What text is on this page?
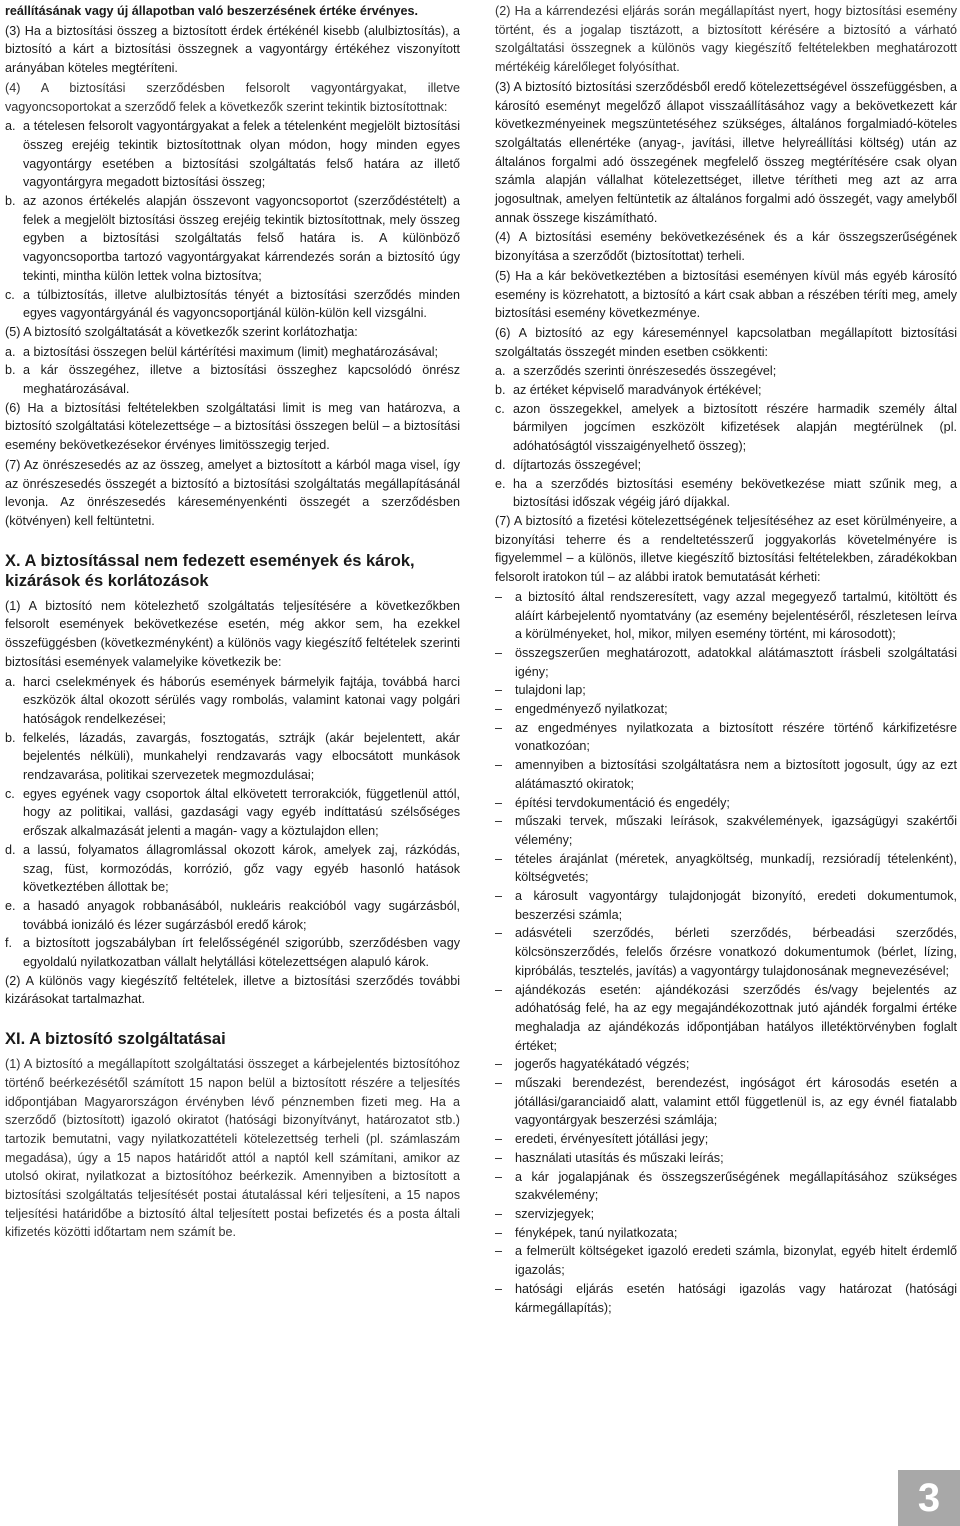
reállításának vagy új állapotban való beszerzésének értéke érvényes.

(3) Ha a biztosítási összeg a biztosított érdek értékénél kisebb (alulbiztosítás), a biztosító a kárt a biztosítási összegnek a vagyontárgy értékéhez viszonyított arányában köteles megtéríteni.

(4) A biztosítási szerződésben felsorolt vagyontárgyakat, illetve vagyoncsoportokat a szerződő felek a következők szerint tekintik biztosítottnak:

a. a tételesen felsorolt vagyontárgyakat a felek a tételenként megjelölt biztosítási összeg erejéig tekintik biztosítottnak olyan módon, hogy minden egyes vagyontárgy esetében a biztosítási szolgáltatás felső határa az illető vagyontárgyra megadott biztosítási összeg;
b. az azonos értékelés alapján összevont vagyoncsoportot (szerződéstételt) a felek a megjelölt biztosítási összeg erejéig tekintik biztosítottnak, mely összeg egyben a biztosítási szolgáltatás felső határa is. A különböző vagyoncsoportba tartozó vagyontárgyakat kárrendezés során a biztosító úgy tekinti, mintha külön lettek volna biztosítva;
c. a túlbiztosítás, illetve alulbiztosítás tényét a biztosítási szerződés minden egyes vagyontárgyánál és vagyoncsoportjánál külön-külön kell vizsgálni.

(5) A biztosító szolgáltatását a következők szerint korlátozhatja:

a. a biztosítási összegen belül kártérítési maximum (limit) meghatározásával;
b. a kár összegéhez, illetve a biztosítási összeghez kapcsolódó önrész meghatározásával.

(6) Ha a biztosítási feltételekben szolgáltatási limit is meg van határozva, a biztosító szolgáltatási kötelezettsége – a biztosítási összegen belül – a biztosítási esemény bekövetkezésekor érvényes limitösszegig terjed.

(7) Az önrészesedés az az összeg, amelyet a biztosított a kárból maga visel, így az önrészesedés összegét a biztosító a biztosítási szolgáltatás megállapításánál levonja. Az önrészesedés káreseményenkénti összegét a szerződésben (kötvényen) kell feltüntetni.

X. A biztosítással nem fedezett események és károk, kizárások és korlátozások

(1) A biztosító nem kötelezhető szolgáltatás teljesítésére a következőkben felsorolt események bekövetkezése esetén, még akkor sem, ha ezekkel összefüggésben (következményként) a különös vagy kiegészítő feltételek szerinti biztosítási események valamelyike következik be:

a. harci cselekmények és háborús események bármelyik fajtája, továbbá harci eszközök által okozott sérülés vagy rombolás, valamint katonai vagy polgári hatóságok rendelkezései;
b. felkelés, lázadás, zavargás, fosztogatás, sztrájk (akár bejelentett, akár bejelentés nélküli), munkahelyi rendzavarás vagy elbocsátott munkások rendzavarása, politikai szervezetek megmozdulásai;
c. egyes egyének vagy csoportok által elkövetett terrorakciók, függetlenül attól, hogy az politikai, vallási, gazdasági vagy egyéb indíttatású szélsőséges erőszak alkalmazását jelenti a magán- vagy a köztulajdon ellen;
d. a lassú, folyamatos állagromlással okozott károk, amelyek zaj, rázkódás, szag, füst, kormozódás, korrózió, gőz vagy egyéb hasonló hatások következtében állottak be;
e. a hasadó anyagok robbanásából, nukleáris reakcióból vagy sugárzásból, továbbá ionizáló és lézer sugárzásból eredő károk;
f. a biztosított jogszabályban írt felelősségénél szigorúbb, szerződésben vagy egyoldalú nyilatkozatban vállalt helytállási kötelezettségen alapuló károk.

(2) A különös vagy kiegészítő feltételek, illetve a biztosítási szerződés további kizárásokat tartalmazhat.

XI. A biztosító szolgáltatásai

(1) A biztosító a megállapított szolgáltatási összeget a kárbejelentés biztosítóhoz történő beérkezésétől számított 15 napon belül a biztosított részére a teljesítés időpontjában Magyarországon érvényben lévő pénznemben fizeti meg. Ha a szerződő (biztosított) igazoló okiratot (hatósági bizonyítványt, határozatot stb.) tartozik bemutatni, vagy nyilatkozattételi kötelezettség terheli (pl. számlaszám megadása), úgy a 15 napos határidőt attól a naptól kell számítani, amikor az utolsó okirat, nyilatkozat a biztosítóhoz beérkezik. Amennyiben a biztosított a biztosítási szolgáltatás teljesítését postai átutalással kéri teljesíteni, a 15 napos teljesítési határidőbe a biztosító által teljesített postai befizetés és a posta általi kifizetés közötti időtartam nem számít be.

(2) Ha a kárrendezési eljárás során megállapítást nyert, hogy biztosítási esemény történt, és a jogalap tisztázott, a biztosított kérésére a biztosító a várható szolgáltatási összegnek a különös vagy kiegészítő feltételekben meghatározott mértékéig kárelőleget folyósíthat.

(3) A biztosító biztosítási szerződésből eredő kötelezettségével összefüggésben, a károsító eseményt megelőző állapot visszaállításához vagy a bekövetkezett kár következményeinek megszüntetéséhez szükséges, általános forgalmiadó-köteles szolgáltatás ellenértéke (anyag-, javítási, illetve helyreállítási költség) után az általános forgalmi adó összegének megfelelő összeg megtérítésére csak olyan számla alapján vállalhat kötelezettséget, illetve térítheti meg azt az arra jogosultnak, amelyen feltüntetik az általános forgalmi adó összegét, vagy amelyből annak összege kiszámítható.

(4) A biztosítási esemény bekövetkezésének és a kár összegszerűségének bizonyítása a szerződőt (biztosítottat) terheli.

(5) Ha a kár bekövetkeztében a biztosítási eseményen kívül más egyéb károsító esemény is közrehatott, a biztosító a kárt csak abban a részében téríti meg, amely biztosítási esemény következménye.

(6) A biztosító az egy káreseménnyel kapcsolatban megállapított biztosítási szolgáltatás összegét minden esetben csökkenti:

a. a szerződés szerinti önrészesedés összegével;
b. az értéket képviselő maradványok értékével;
c. azon összegekkel, amelyek a biztosított részére harmadik személy által bármilyen jogcímen eszközölt kifizetések alapján megtérülnek (pl. adóhatóságtól visszaigényelhető összeg);
d. díjtartozás összegével;
e. ha a szerződés biztosítási esemény bekövetkezése miatt szűnik meg, a biztosítási időszak végéig járó díjakkal.

(7) A biztosító a fizetési kötelezettségének teljesítéséhez az eset körülményeire, a bizonyítási teherre és a rendeltetésszerű joggyakorlás követelményére is figyelemmel – a különös, illetve kiegészítő biztosítási feltételekben, záradékokban felsorolt iratokon túl – az alábbi iratok bemutatását kérheti:

–	a biztosító által rendszeresített, vagy azzal megegyező tartalmú, kitöltött és aláírt kárbejelentő nyomtatvány (az esemény bejelentéséről, részletesen leírva a körülményeket, hol, mikor, milyen esemény történt, mi károsodott);
–	összegszerűen meghatározott, adatokkal alátámasztott írásbeli szolgáltatási igény;
–	tulajdoni lap;
–	engedményező nyilatkozat;
–	az engedményes nyilatkozata a biztosított részére történő kárkifizetésre vonatkozóan;
–	amennyiben a biztosítási szolgáltatásra nem a biztosított jogosult, úgy az ezt alátámasztó okiratok;
–	építési tervdokumentáció és engedély;
–	műszaki tervek, műszaki leírások, szakvélemények, igazságügyi szakértői vélemény;
–	tételes árajánlat (méretek, anyagköltség, munkadíj, rezsióradíj tételenként), költségvetés;
–	a károsult vagyontárgy tulajdonjogát bizonyító, eredeti dokumentumok, beszerzési számla;
–	adásvételi szerződés, bérleti szerződés, bérbeadási szerződés, kölcsönszerződés, felelős őrzésre vonatkozó dokumentumok (bérlet, lízing, kipróbálás, tesztelés, javítás) a vagyontárgy tulajdonosának megnevezésével;
–	ajándékozás esetén: ajándékozási szerződés és/vagy bejelentés az adóhatóság felé, ha az egy megajándékozottnak jutó ajándék forgalmi értéke meghaladja az ajándékozás időpontjában hatályos illetéktörvényben foglalt értéket;
–	jogerős hagyatékátadó végzés;
–	műszaki berendezést, berendezést, ingóságot ért károsodás esetén a jótállási/garanciaidő alatt, valamint ettől függetlenül is, az egy évnél fiatalabb vagyontárgyak beszerzési számlája;
–	eredeti, érvényesített jótállási jegy;
–	használati utasítás és műszaki leírás;
–	a kár jogalapjának és összegszerűségének megállapításához szükséges szakvélemény;
–	szervizjegyek;
–	fényképek, tanú nyilatkozata;
–	a felmerült költségeket igazoló eredeti számla, bizonylat, egyéb hitelt érdemlő igazolás;
–	hatósági eljárás esetén hatósági igazolás vagy határozat (hatósági kármegállapítás);
3
